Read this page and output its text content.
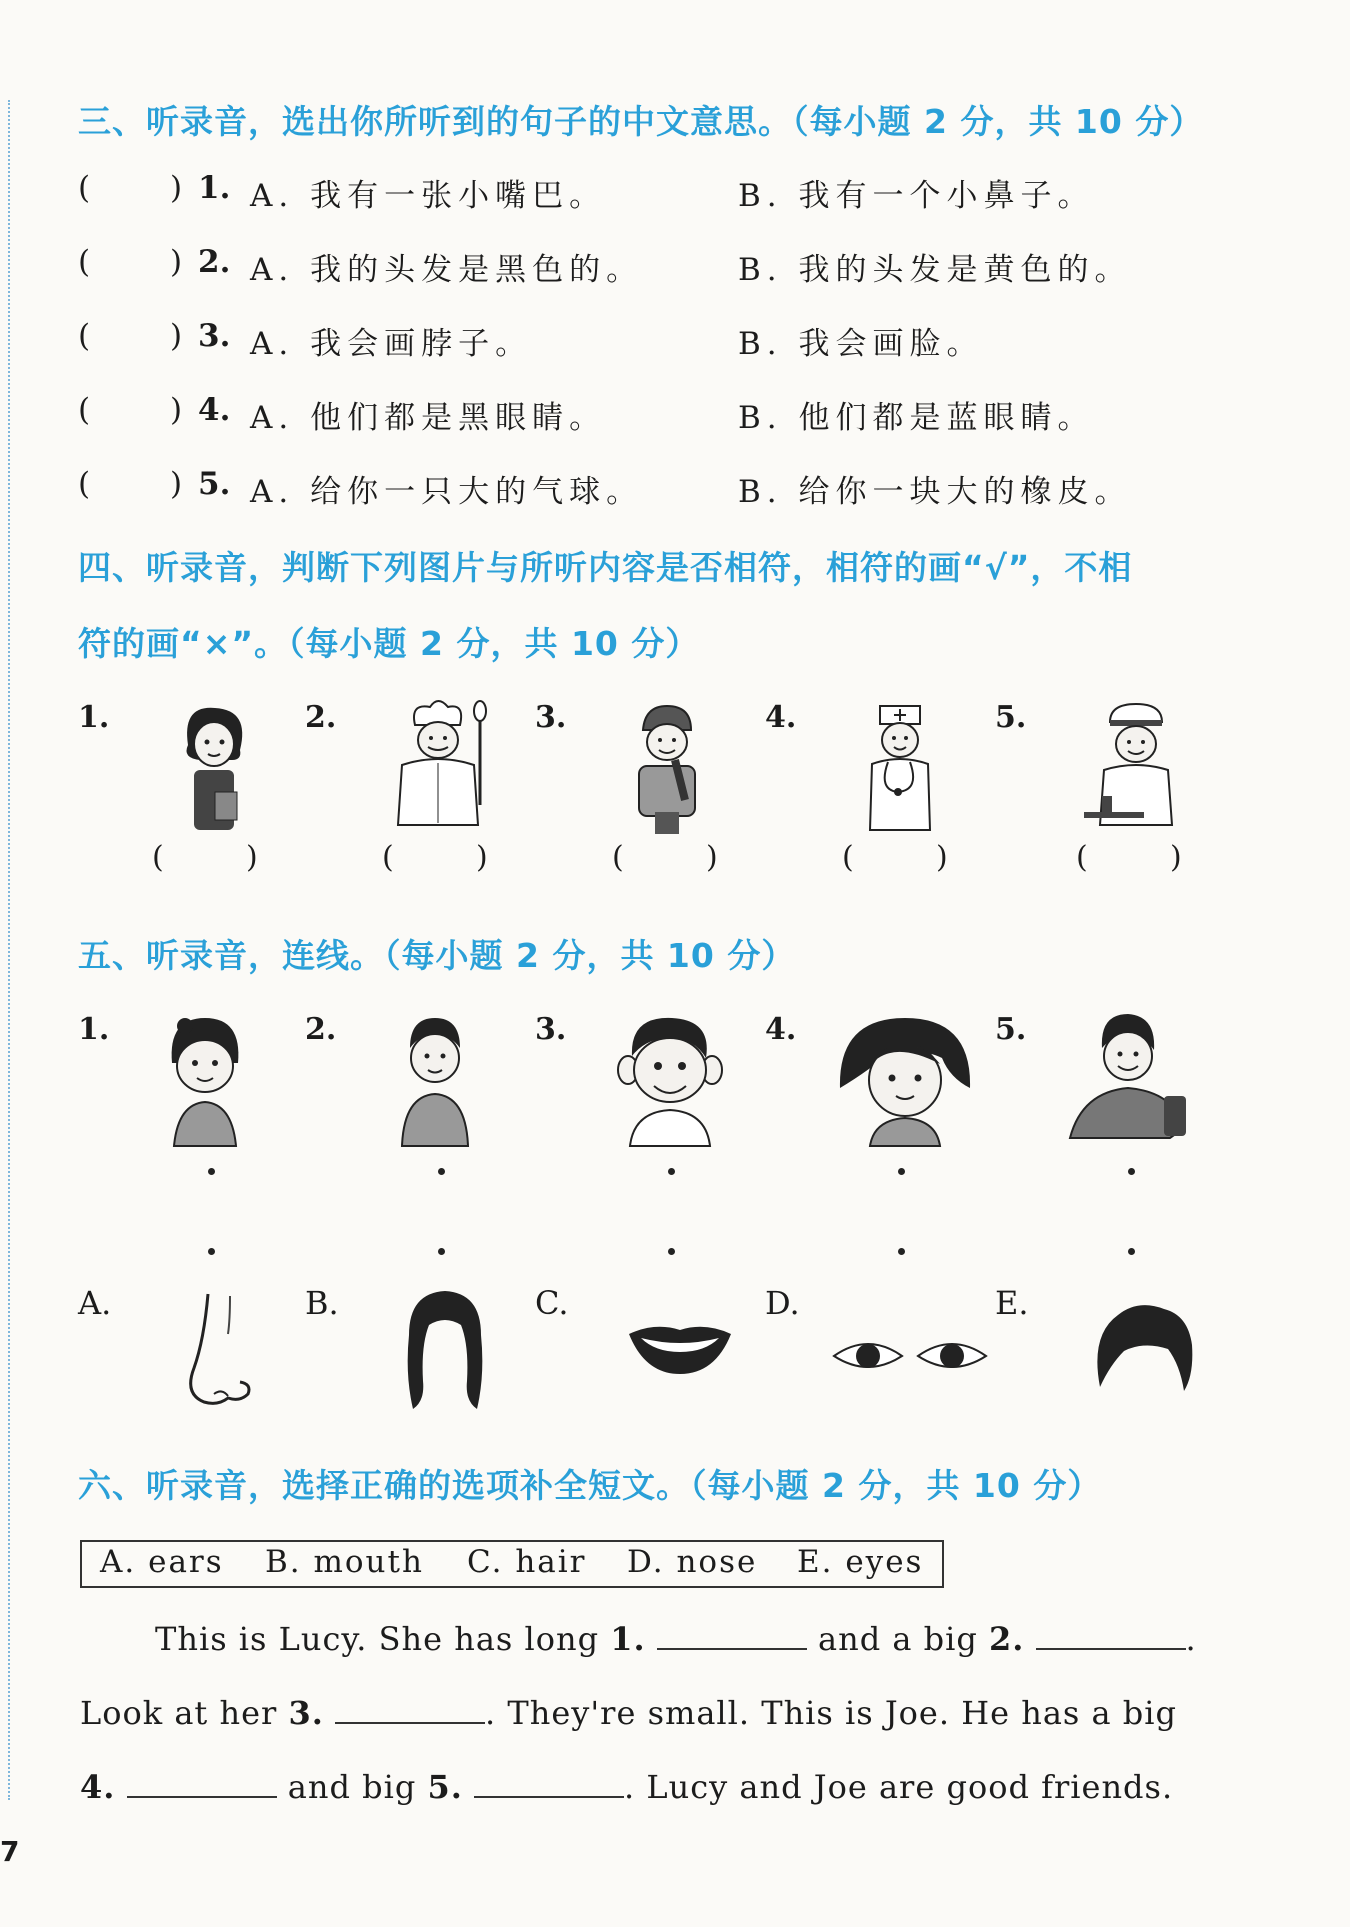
三、听录音，选出你所听到的句子的中文意思。（每小题 2 分，共 10 分）
(	) 1. A. 我有一张小嘴巴。	B. 我有一个小鼻子。
(	) 2. A. 我的头发是黑色的。	B. 我的头发是黄色的。
(	) 3. A. 我会画脖子。	B. 我会画脸。
(	) 4. A. 他们都是黑眼睛。	B. 他们都是蓝眼睛。
(	) 5. A. 给你一只大的气球。	B. 给你一块大的橡皮。
四、听录音，判断下列图片与所听内容是否相符，相符的画“√”，不相
符的画“×”。（每小题 2 分，共 10 分）
1.
(	)
2.
(	)
3.
(	)
4.
(	)
5.
(	)
五、听录音，连线。（每小题 2 分，共 10 分）
1.	2.	3.	4.	5.
A.	B.	C.	D.	E.
六、听录音，选择正确的选项补全短文。（每小题 2 分，共 10 分）
A. ears B. mouth C. hair D. nose E. eyes
This is Lucy. She has long 1.	and a big 2.	.
Look at her 3.	. They're small. This is Joe. He has a big
4.	and big 5.	. Lucy and Joe are good friends.
7
